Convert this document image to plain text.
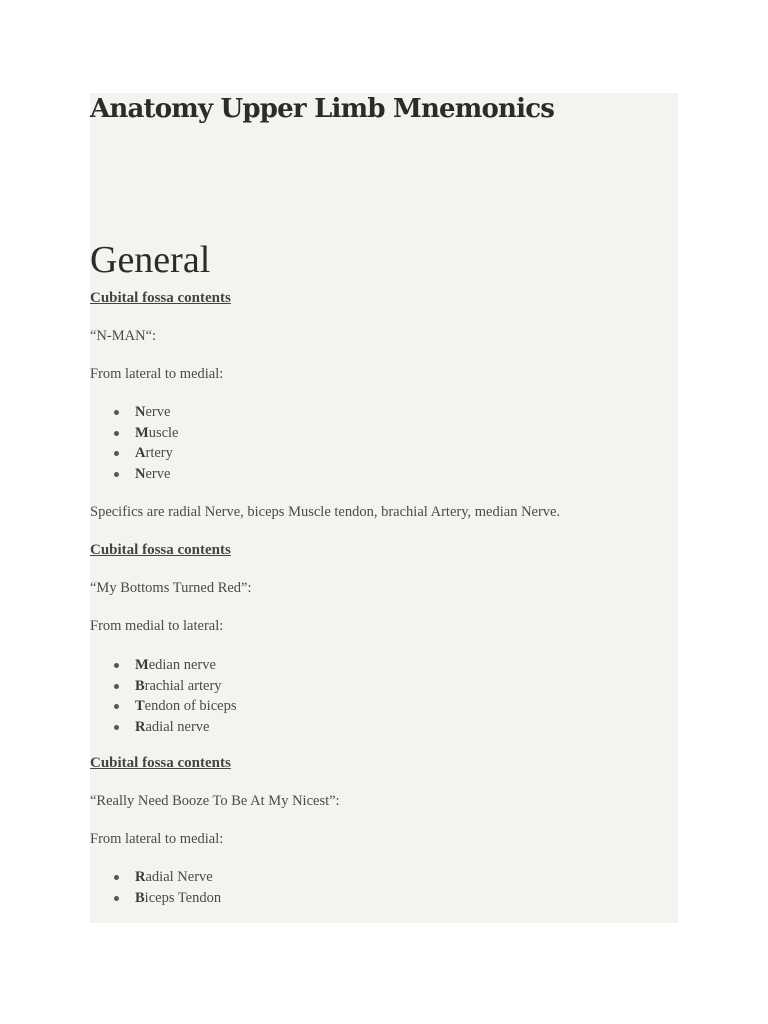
Anatomy Upper Limb Mnemonics
General
Cubital fossa contents
“N-MAN“:
From lateral to medial:
Nerve
Muscle
Artery
Nerve
Specifics are radial Nerve, biceps Muscle tendon, brachial Artery, median Nerve.
Cubital fossa contents
“My Bottoms Turned Red”:
From medial to lateral:
Median nerve
Brachial artery
Tendon of biceps
Radial nerve
Cubital fossa contents
“Really Need Booze To Be At My Nicest”:
From lateral to medial:
Radial Nerve
Biceps Tendon
